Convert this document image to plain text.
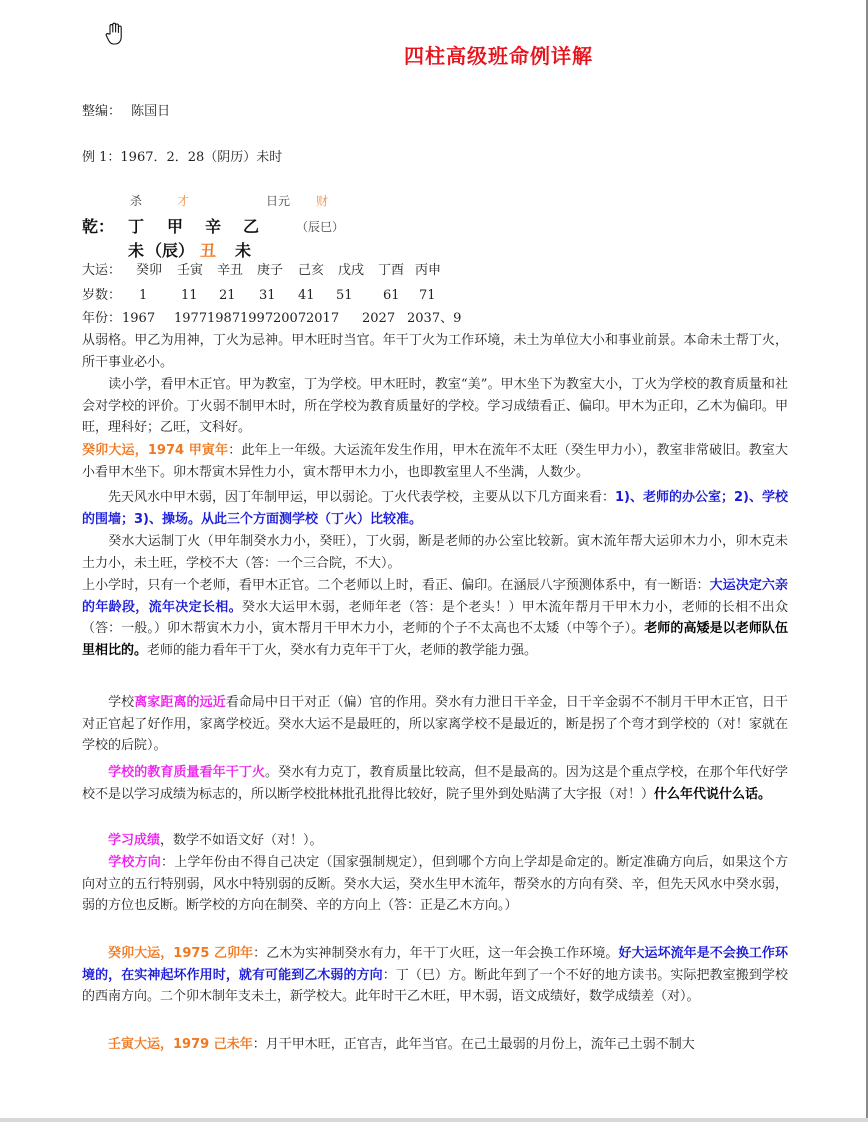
四柱高级班命例详解
整编： 陈国日
例 1：1967．2．28（阴历）未时
杀	才	日元 财
乾： 丁 甲 辛 乙	（辰巳）
未 （辰） 丑 未
大运： 癸卯 壬寅 辛丑 庚子 己亥 戊戌 丁酉 丙申
岁数： 1	11 21 31 41 51 61 71
年份： 1967 1977 1987 1997 2007 2017 2027 2037、9
从弱格。甲乙为用神，丁火为忌神。甲木旺时当官。年干丁火为工作环境，未土为单位大小和事业前景。本命未土帮丁火，所干事业必小。
读小学，看甲木正官。甲为教室，丁为学校。甲木旺时，教室“美”。甲木坐下为教室大小，丁火为学校的教育质量和社会对学校的评价。丁火弱不制甲木时，所在学校为教育质量好的学校。学习成绩看正、偏印。甲木为正印，乙木为偏印。甲旺，理科好；乙旺，文科好。
癸卯大运，1974 甲寅年：此年上一年级。大运流年发生作用，甲木在流年不太旺（癸生甲力小），教室非常破旧。教室大小看甲木坐下。卯木帮寅木异性力小，寅木帮甲木力小，也即教室里人不坐满，人数少。
先天风水中甲木弱，因丁年制甲运，甲以弱论。丁火代表学校，主要从以下几方面来看：1)、老师的办公室；2)、学校的围墙；3)、操场。从此三个方面测学校（丁火）比较准。
癸水大运制丁火（甲年制癸水力小，癸旺），丁火弱，断是老师的办公室比较新。寅木流年帮大运卯木力小，卯木克未土力小，未土旺，学校不大（答：一个三合院，不大）。
上小学时，只有一个老师，看甲木正官。二个老师以上时，看正、偏印。在涵辰八字预测体系中，有一断语：大运决定六亲的年龄段，流年决定长相。癸水大运甲木弱，老师年老（答：是个老头！）甲木流年帮月干甲木力小，老师的长相不出众（答：一般。）卯木帮寅木力小，寅木帮月干甲木力小，老师的个子不太高也不太矮（中等个子）。老师的高矮是以老师队伍里相比的。老师的能力看年干丁火，癸水有力克年干丁火，老师的教学能力强。
学校离家距离的远近看命局中日干对正（偏）官的作用。癸水有力泄日干辛金，日干辛金弱不不制月干甲木正官，日干对正官起了好作用，家离学校近。癸水大运不是最旺的，所以家离学校不是最近的，断是拐了个弯才到学校的（对！家就在学校的后院）。
学校的教育质量看年干丁火。癸水有力克丁，教育质量比较高，但不是最高的。因为这是个重点学校，在那个年代好学校不是以学习成绩为标志的，所以断学校批林批孔批得比较好，院子里外到处贴满了大字报（对！）什么年代说什么话。
学习成绩，数学不如语文好（对！）。
学校方向：上学年份由不得自己决定（国家强制规定），但到哪个方向上学却是命定的。断定准确方向后，如果这个方向对立的五行特别弱，风水中特别弱的反断。癸水大运，癸水生甲木流年，帮癸水的方向有癸、辛，但先天风水中癸水弱，弱的方位也反断。断学校的方向在制癸、辛的方向上（答：正是乙木方向。）
癸卯大运，1975 乙卯年：乙木为实神制癸水有力，年干丁火旺，这一年会换工作环境。好大运坏流年是不会换工作环境的，在实神起坏作用时，就有可能到乙木弱的方向：丁（巳）方。断此年到了一个不好的地方读书。实际把教室搬到学校的西南方向。二个卯木制年支未土，新学校大。此年时干乙木旺，甲木弱，语文成绩好，数学成绩差（对）。
壬寅大运，1979 己未年：月干甲木旺，正官吉，此年当官。在己土最弱的月份上，流年己土弱不制大
